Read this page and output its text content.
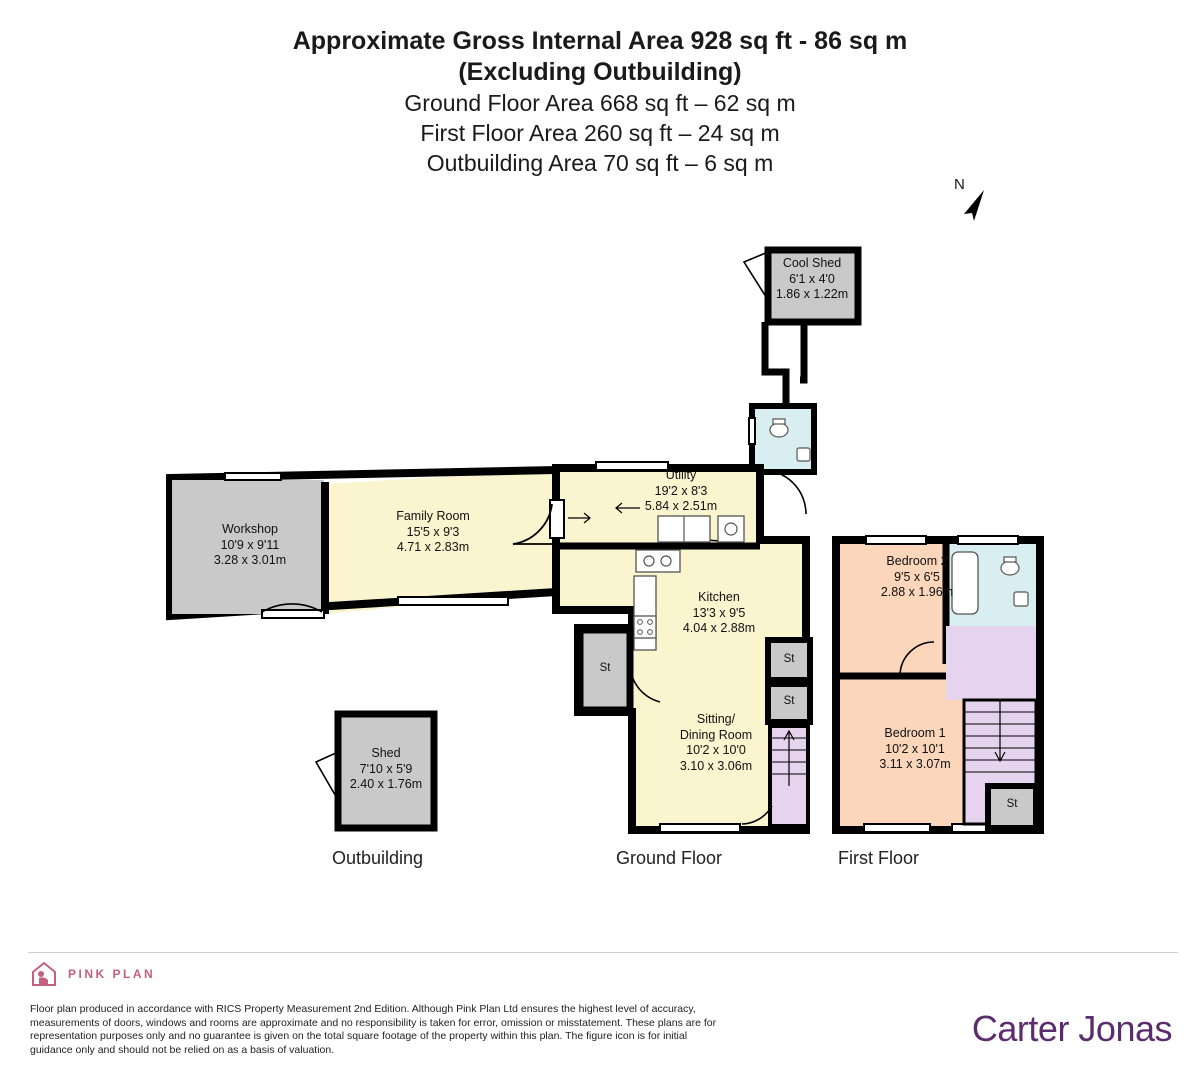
Approximate Gross Internal Area 928 sq ft - 86 sq m
(Excluding Outbuilding)
Ground Floor Area 668 sq ft – 62 sq m
First Floor Area 260 sq ft – 24 sq m
Outbuilding Area 70 sq ft – 6 sq m
N
Cool Shed
6'1 x 4'0
1.86 x 1.22m
Workshop
10'9 x 9'11
3.28 x 3.01m
Family Room
15'5 x 9'3
4.71 x 2.83m
Utility
19'2 x 8'3
5.84 x 2.51m
Kitchen
13'3 x 9'5
4.04 x 2.88m
Sitting/
Dining Room
10'2 x 10'0
3.10 x 3.06m
Shed
7'10 x 5'9
2.40 x 1.76m
Bedroom 2
9'5 x 6'5
2.88 x 1.96m
Bedroom 1
10'2 x 10'1
3.11 x 3.07m
St
St
St
St
Outbuilding	Ground Floor	First Floor
PINK PLAN
Floor plan produced in accordance with RICS Property Measurement 2nd Edition. Although Pink Plan Ltd ensures the highest level of accuracy, measurements of doors, windows and rooms are approximate and no responsibility is taken for error, omission or misstatement. These plans are for representation purposes only and no guarantee is given on the total square footage of the property within this plan. The figure icon is for initial guidance only and should not be relied on as a basis of valuation.
Carter Jonas
